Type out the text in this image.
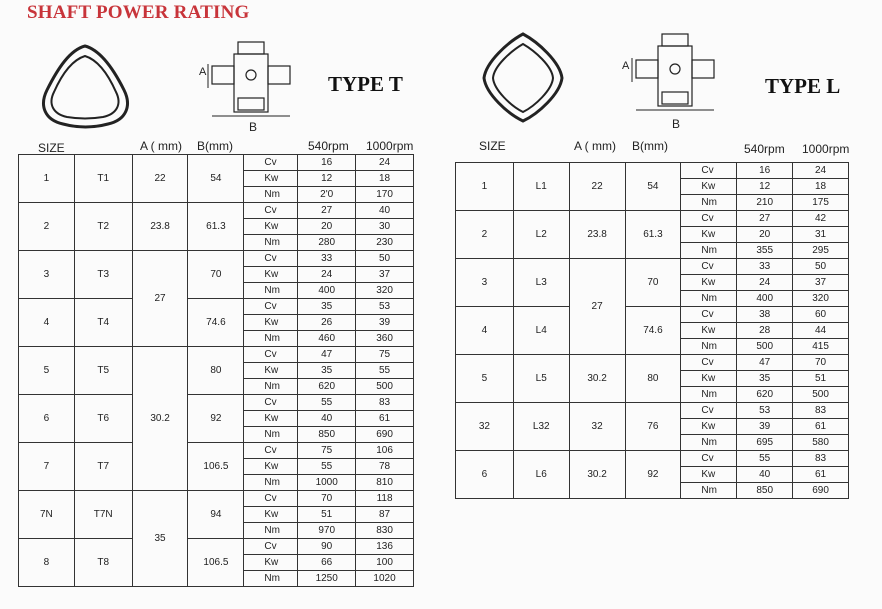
SHAFT POWER RATING
A
B
TYPE T
A
B
TYPE L
SIZE	A ( mm) B(mm)	540rpm 1000rpm	SIZE	A ( mm) B(mm)	540rpm 1000rpm
1	T1	22	54	Cv	16	24
				Kw	12	18
				Nm	2'0	170
2	T2	23.8	61.3	Cv	27	40
				Kw	20	30
				Nm	280	230
3	T3	27	70	Cv	33	50
				Kw	24	37
				Nm	400	320
4	T4		74.6	Cv	35	53
				Kw	26	39
				Nm	460	360
5	T5	30.2	80	Cv	47	75
				Kw	35	55
				Nm	620	500
6	T6		92	Cv	55	83
				Kw	40	61
				Nm	850	690
7	T7		106.5	Cv	75	106
				Kw	55	78
				Nm	1000	810
7N	T7N	35	94	Cv	70	118
				Kw	51	87
				Nm	970	830
8	T8		106.5	Cv	90	136
				Kw	66	100
				Nm	1250	1020
1	L1	22	54	Cv	16	24
				Kw	12	18
				Nm	210	175
2	L2	23.8	61.3	Cv	27	42
				Kw	20	31
				Nm	355	295
3	L3	27	70	Cv	33	50
				Kw	24	37
				Nm	400	320
4	L4		74.6	Cv	38	60
				Kw	28	44
				Nm	500	415
5	L5	30.2	80	Cv	47	70
				Kw	35	51
				Nm	620	500
32	L32	32	76	Cv	53	83
				Kw	39	61
				Nm	695	580
6	L6	30.2	92	Cv	55	83
				Kw	40	61
				Nm	850	690
